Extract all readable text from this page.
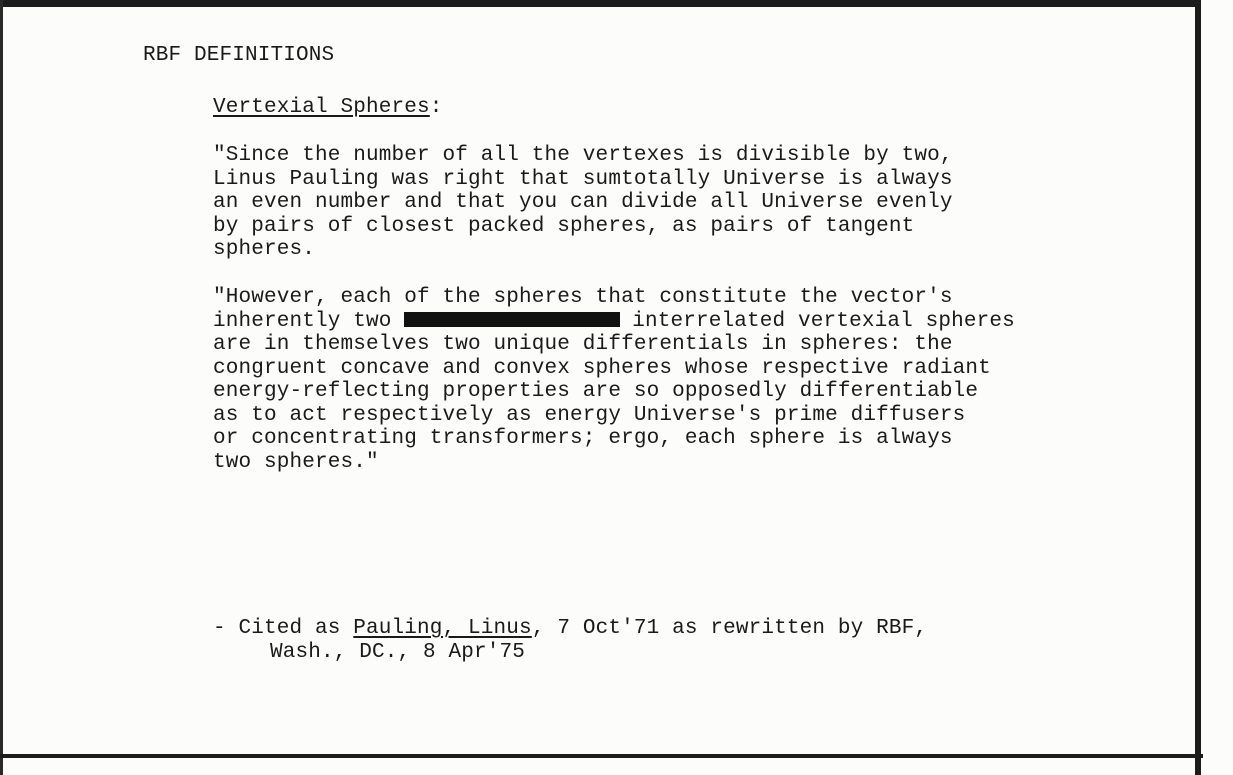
RBF DEFINITIONS
Vertexial Spheres:
"Since the number of all the vertexes is divisible by two,
Linus Pauling was right that sumtotally Universe is always
an even number and that you can divide all Universe evenly
by pairs of closest packed spheres, as pairs of tangent
spheres.
"However, each of the spheres that constitute the vector's
inherently two	interrelated vertexial spheres
are in themselves two unique differentials in spheres: the
congruent concave and convex spheres whose respective radiant
energy-reflecting properties are so opposedly differentiable
as to act respectively as energy Universe's prime diffusers
or concentrating transformers; ergo, each sphere is always
two spheres."
- Cited as Pauling, Linus, 7 Oct'71 as rewritten by RBF,
Wash., DC., 8 Apr'75
